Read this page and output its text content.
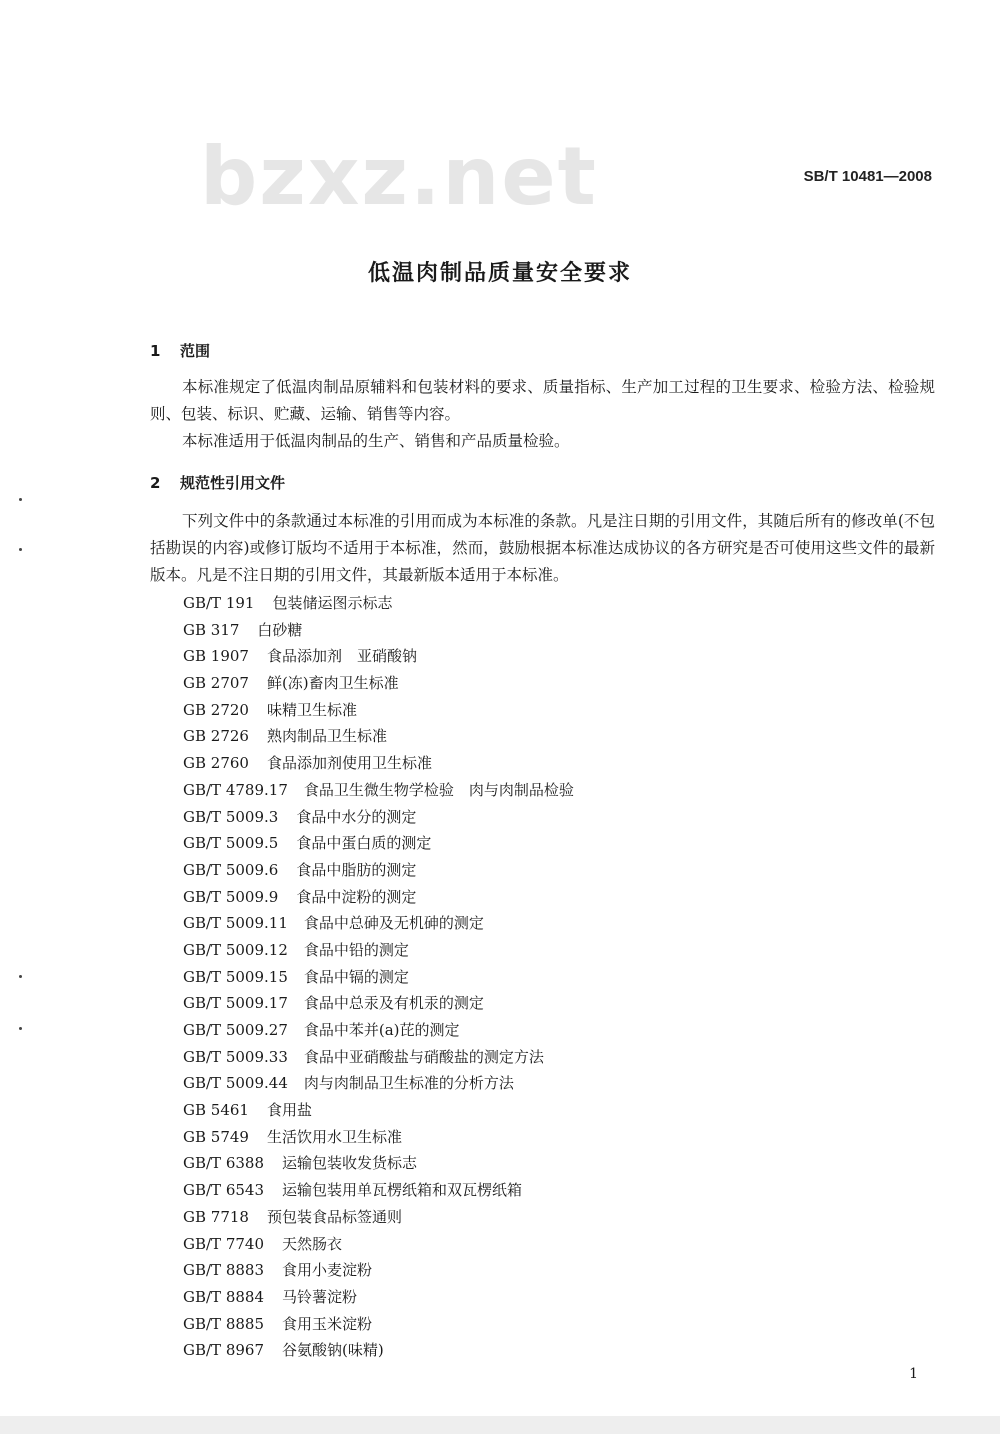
bzxz.net	SB/T 10481—2008
低温肉制品质量安全要求
1 范围

本标准规定了低温肉制品原辅料和包装材料的要求、质量指标、生产加工过程的卫生要求、检验方法、检验规则、包装、标识、贮藏、运输、销售等内容。

本标准适用于低温肉制品的生产、销售和产品质量检验。

2 规范性引用文件

下列文件中的条款通过本标准的引用而成为本标准的条款。凡是注日期的引用文件，其随后所有的修改单(不包括勘误的内容)或修订版均不适用于本标准，然而，鼓励根据本标准达成协议的各方研究是否可使用这些文件的最新版本。凡是不注日期的引用文件，其最新版本适用于本标准。

GB/T 191 包装储运图示标志
GB 317 白砂糖
GB 1907 食品添加剂　亚硝酸钠
GB 2707 鲜(冻)畜肉卫生标准
GB 2720 味精卫生标准
GB 2726 熟肉制品卫生标准
GB 2760 食品添加剂使用卫生标准
GB/T 4789.17 食品卫生微生物学检验　肉与肉制品检验
GB/T 5009.3 食品中水分的测定
GB/T 5009.5 食品中蛋白质的测定
GB/T 5009.6 食品中脂肪的测定
GB/T 5009.9 食品中淀粉的测定
GB/T 5009.11 食品中总砷及无机砷的测定
GB/T 5009.12 食品中铅的测定
GB/T 5009.15 食品中镉的测定
GB/T 5009.17 食品中总汞及有机汞的测定
GB/T 5009.27 食品中苯并(a)芘的测定
GB/T 5009.33 食品中亚硝酸盐与硝酸盐的测定方法
GB/T 5009.44 肉与肉制品卫生标准的分析方法
GB 5461 食用盐
GB 5749 生活饮用水卫生标准
GB/T 6388 运输包装收发货标志
GB/T 6543 运输包装用单瓦楞纸箱和双瓦楞纸箱
GB 7718 预包装食品标签通则
GB/T 7740 天然肠衣
GB/T 8883 食用小麦淀粉
GB/T 8884 马铃薯淀粉
GB/T 8885 食用玉米淀粉
GB/T 8967 谷氨酸钠(味精)
1
